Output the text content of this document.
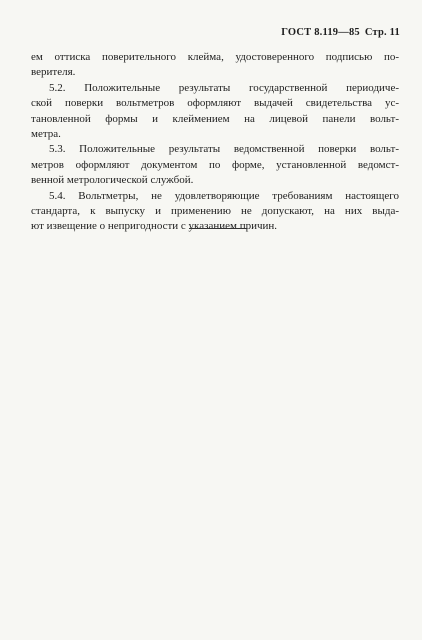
ГОСТ 8.119—85 Стр. 11
ем оттиска поверительного клейма, удостоверенного подписью по-
верителя.
5.2. Положительные результаты государственной периодиче-
ской поверки вольтметров оформляют выдачей свидетельства ус-
тановленной формы и клеймением на лицевой панели вольт-
метра.
5.3. Положительные результаты ведомственной поверки вольт-
метров оформляют документом по форме, установленной ведомст-
венной метрологической службой.
5.4. Вольтметры, не удовлетворяющие требованиям настоящего
стандарта, к выпуску и применению не допускают, на них выда-
ют извещение о непригодности с указанием причин.
